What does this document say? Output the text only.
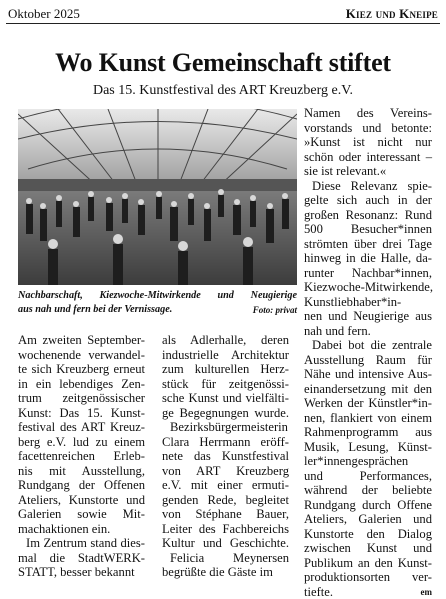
Oktober 2025	Kiez und Kneipe
Wo Kunst Gemeinschaft stiftet
Das 15. Kunstfestival des ART Kreuzberg e.V.
Nachbarschaft, Kiezwoche-Mitwirkende und Neugierige
aus nah und fern bei der Vernissage.	Foto: privat
Am zweiten September-
wochenende verwandel-
te sich Kreuzberg erneut
in ein lebendiges Zen-
trum zeitgenössischer
Kunst: Das 15. Kunst-
festival des ART Kreuz-
berg e.V. lud zu einem
facettenreichen Erleb-
nis mit Ausstellung,
Rundgang der Offenen
Ateliers, Kunstorte und
Galerien sowie Mit-
machaktionen ein.
Im Zentrum stand dies-
mal die StadtWERK-
STATT, besser bekannt
als Adlerhalle, deren
industrielle Architektur
zum kulturellen Herz-
stück für zeitgenössi-
sche Kunst und vielfälti-
ge Begegnungen wurde.
Bezirksbürgermeisterin
Clara Herrmann eröff-
nete das Kunstfestival
von ART Kreuzberg
e.V. mit einer ermuti-
genden Rede, begleitet
von Stéphane Bauer,
Leiter des Fachbereichs
Kultur und Geschichte.
Felicia Meynersen
begrüßte die Gäste im
Namen des Vereins-
vorstands und betonte:
»Kunst ist nicht nur
schön oder interessant –
sie ist relevant.«
Diese Relevanz spie-
gelte sich auch in der
großen Resonanz: Rund
500 Besucher*innen
strömten über drei Tage
hinweg in die Halle, da-
runter Nachbar*innen,
Kiezwoche-Mitwirkende,
Kunstliebhaber*in-
nen und Neugierige aus
nah und fern.
Dabei bot die zentrale
Ausstellung Raum für
Nähe und intensive Aus-
einandersetzung mit den
Werken der Künstler*in-
nen, flankiert von einem
Rahmenprogramm aus
Musik, Lesung, Künst-
ler*innengesprächen
und Performances,
während der beliebte
Rundgang durch Offene
Ateliers, Galerien und
Kunstorte den Dialog
zwischen Kunst und
Publikum an den Kunst-
produktionsorten ver-
tiefte.	em
